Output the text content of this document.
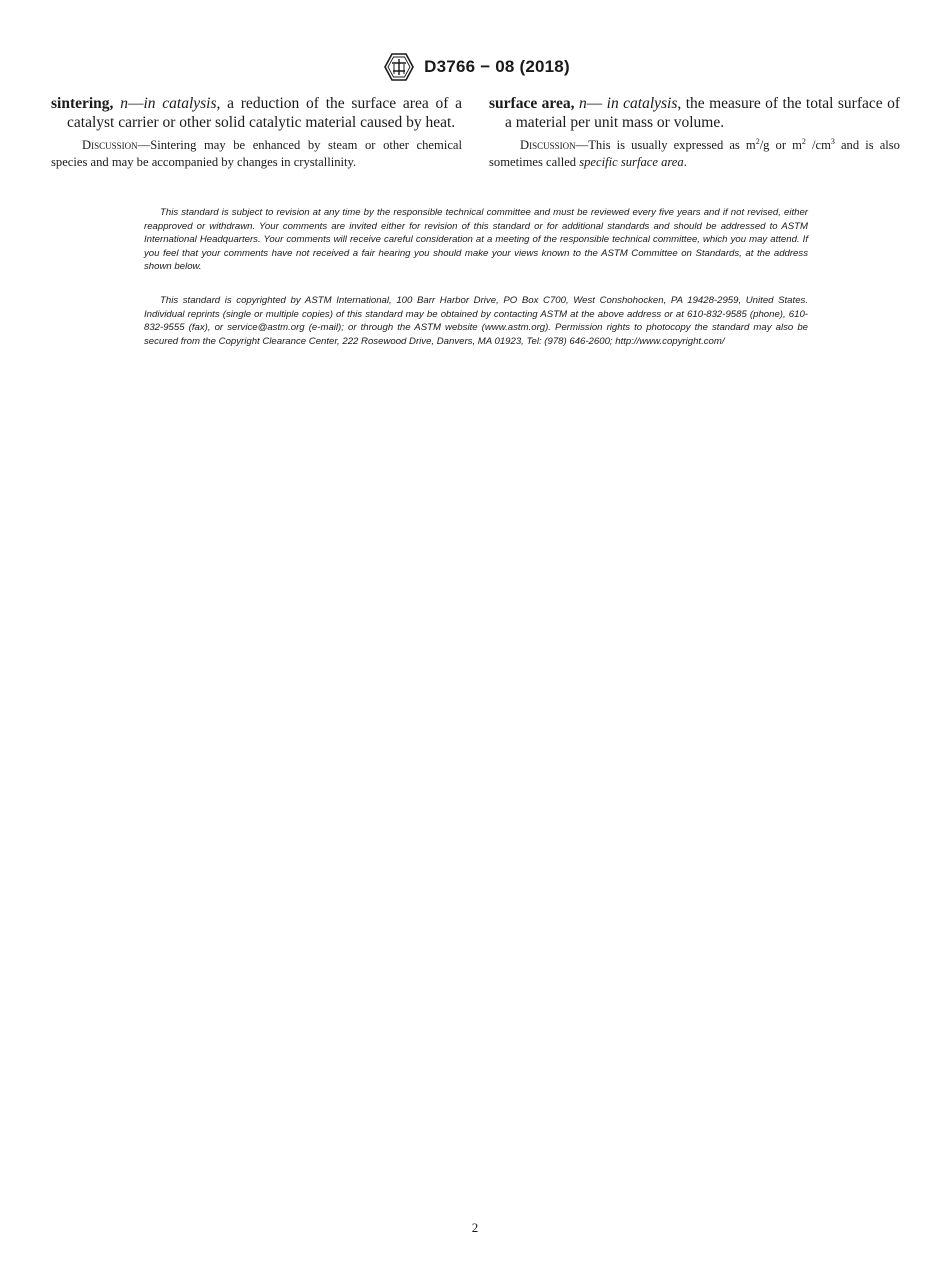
D3766 − 08 (2018)

sintering, n—in catalysis, a reduction of the surface area of a catalyst carrier or other solid catalytic material caused by heat.

Discussion—Sintering may be enhanced by steam or other chemical species and may be accompanied by changes in crystallinity.

surface area, n— in catalysis, the measure of the total surface of a material per unit mass or volume.

Discussion—This is usually expressed as $m^2/g$ or $m^2$ $/cm^3$ and is also sometimes called specific surface area.

This standard is subject to revision at any time by the responsible technical committee and must be reviewed every five years and if not revised, either reapproved or withdrawn. Your comments are invited either for revision of this standard or for additional standards and should be addressed to ASTM International Headquarters. Your comments will receive careful consideration at a meeting of the responsible technical committee, which you may attend. If you feel that your comments have not received a fair hearing you should make your views known to the ASTM Committee on Standards, at the address shown below.

This standard is copyrighted by ASTM International, 100 Barr Harbor Drive, PO Box C700, West Conshohocken, PA 19428-2959, United States. Individual reprints (single or multiple copies) of this standard may be obtained by contacting ASTM at the above address or at 610-832-9585 (phone), 610-832-9555 (fax), or service@astm.org (e-mail); or through the ASTM website (www.astm.org). Permission rights to photocopy the standard may also be secured from the Copyright Clearance Center, 222 Rosewood Drive, Danvers, MA 01923, Tel: (978) 646-2600; http://www.copyright.com/

2
